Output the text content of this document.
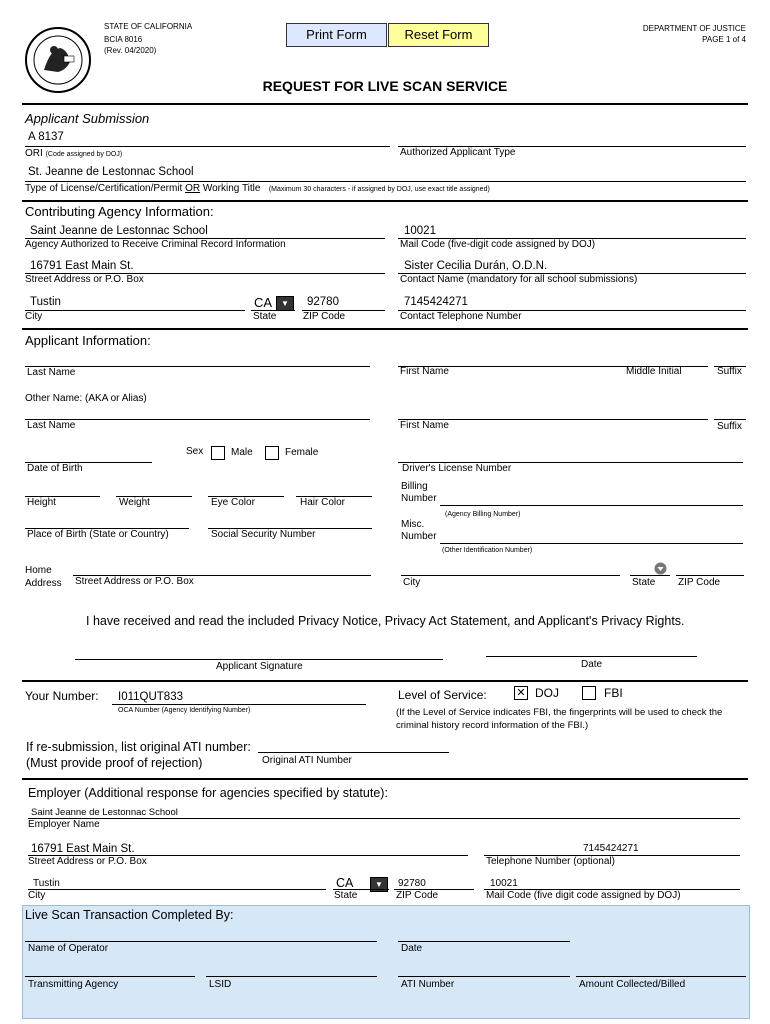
STATE OF CALIFORNIA
BCIA 8016
(Rev. 04/2020)
Print Form	Reset Form	DEPARTMENT OF JUSTICE
PAGE 1 of 4
REQUEST FOR LIVE SCAN SERVICE
Applicant Submission
A 8137
ORI (Code assigned by DOJ)	Authorized Applicant Type
St. Jeanne de Lestonnac School
Type of License/Certification/Permit OR Working Title (Maximum 30 characters - if assigned by DOJ, use exact title assigned)
Contributing Agency Information:
Saint Jeanne de Lestonnac School
Agency Authorized to Receive Criminal Record Information
10021
Mail Code (five-digit code assigned by DOJ)
16791 East Main St.
Street Address or P.O. Box
Sister Cecilia Durán, O.D.N.
Contact Name (mandatory for all school submissions)
Tustin
City
CA	▼
State
92780
ZIP Code
7145424271
Contact Telephone Number
Applicant Information:
Last Name	First Name	Middle Initial	Suffix
Other Name: (AKA or Alias)
Last Name	First Name	Suffix
Sex	Male	Female
Date of Birth	Driver's License Number
Height	Weight	Eye Color	Hair Color
Billing
Number
(Agency Billing Number)
Place of Birth (State or Country)	Social Security Number
Misc.
Number
(Other Identification Number)
Home
Address Street Address or P.O. Box	City	State ZIP Code
I have received and read the included Privacy Notice, Privacy Act Statement, and Applicant's Privacy Rights.
Applicant Signature	Date
Your Number: I011QUT833
OCA Number (Agency Identifying Number)
Level of Service:	✕ DOJ	FBI
(If the Level of Service indicates FBI, the fingerprints will be used to check the
criminal history record information of the FBI.)
If re-submission, list original ATI number:
(Must provide proof of rejection)	Original ATI Number
Employer (Additional response for agencies specified by statute):
Saint Jeanne de Lestonnac School
Employer Name
16791 East Main St.
Street Address or P.O. Box
7145424271
Telephone Number (optional)
Tustin
City
CA	▼
State
92780
ZIP Code
10021
Mail Code (five digit code assigned by DOJ)
Live Scan Transaction Completed By:
Name of Operator	Date
Transmitting Agency	LSID	ATI Number	Amount Collected/Billed
